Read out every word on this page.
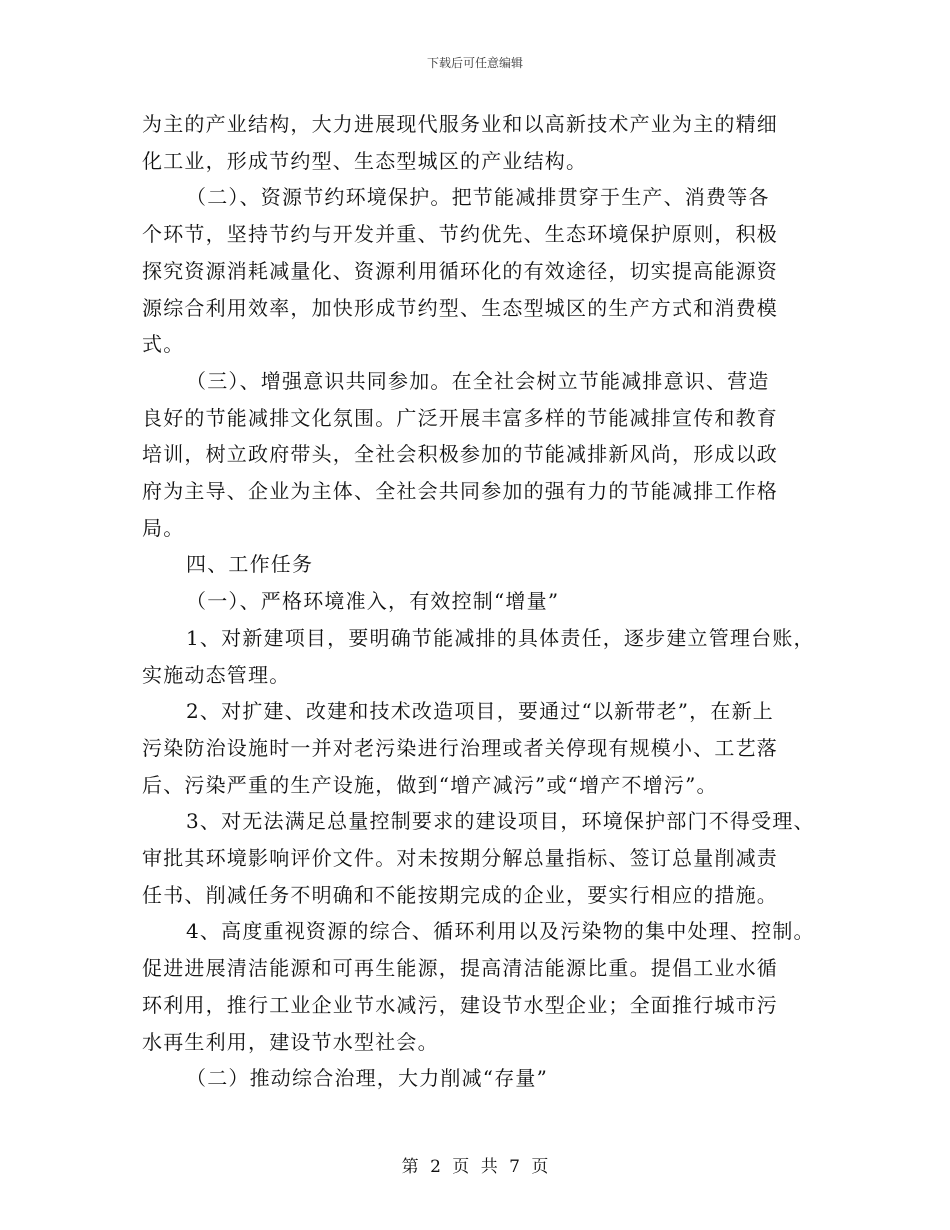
下载后可任意编辑
为主的产业结构，大力进展现代服务业和以高新技术产业为主的精细
化工业，形成节约型、生态型城区的产业结构。
（二）、资源节约环境保护。把节能减排贯穿于生产、消费等各
个环节，坚持节约与开发并重、节约优先、生态环境保护原则，积极
探究资源消耗减量化、资源利用循环化的有效途径，切实提高能源资
源综合利用效率，加快形成节约型、生态型城区的生产方式和消费模
式。
（三）、增强意识共同参加。在全社会树立节能减排意识、营造
良好的节能减排文化氛围。广泛开展丰富多样的节能减排宣传和教育
培训，树立政府带头，全社会积极参加的节能减排新风尚，形成以政
府为主导、企业为主体、全社会共同参加的强有力的节能减排工作格
局。
四、工作任务
（一）、严格环境准入，有效控制“增量”
1、对新建项目，要明确节能减排的具体责任，逐步建立管理台账，
实施动态管理。
2、对扩建、改建和技术改造项目，要通过“以新带老”，在新上
污染防治设施时一并对老污染进行治理或者关停现有规模小、工艺落
后、污染严重的生产设施，做到“增产减污”或“增产不增污”。
3、对无法满足总量控制要求的建设项目，环境保护部门不得受理、
审批其环境影响评价文件。对未按期分解总量指标、签订总量削减责
任书、削减任务不明确和不能按期完成的企业，要实行相应的措施。
4、高度重视资源的综合、循环利用以及污染物的集中处理、控制。
促进进展清洁能源和可再生能源，提高清洁能源比重。提倡工业水循
环利用，推行工业企业节水减污，建设节水型企业；全面推行城市污
水再生利用，建设节水型社会。
（二）推动综合治理，大力削减“存量”
第 2 页 共 7 页
